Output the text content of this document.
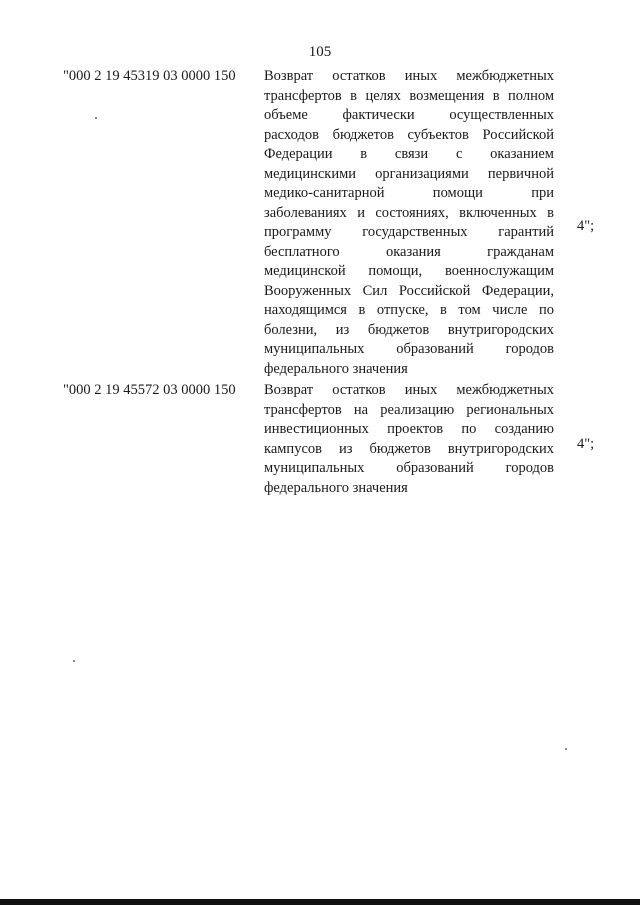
105
"000 2 19 45319 03 0000 150 Возврат остатков иных межбюджетных
трансфертов в целях возмещения в полном
объеме фактически осуществленных
расходов бюджетов субъектов Российской
Федерации в связи с оказанием
медицинскими организациями первичной
медико-санитарной помощи при
заболеваниях и состояниях, включенных в
программу государственных гарантий
бесплатного оказания гражданам
медицинской помощи, военнослужащим
Вооруженных Сил Российской Федерации,
находящимся в отпуске, в том числе по
болезни, из бюджетов внутригородских
муниципальных образований городов
федерального значения
4";
"000 2 19 45572 03 0000 150 Возврат остатков иных межбюджетных
трансфертов на реализацию региональных
инвестиционных проектов по созданию
кампусов из бюджетов внутригородских
муниципальных образований городов
федерального значения
4";
